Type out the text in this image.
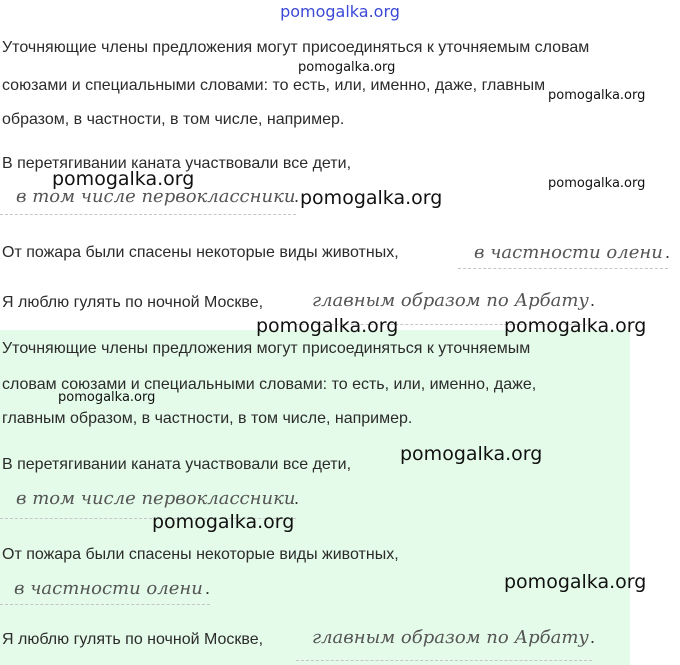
pomogalka.org
Уточняющие члены предложения могут присоединяться к уточняемым словам
союзами и специальными словами: то есть, или, именно, даже, главным
образом, в частности, в том числе, например.
В перетягивании каната участвовали все дети,
в том числе первоклассники
.
От пожара были спасены некоторые виды животных,	в частности олени .
Я люблю гулять по ночной Москве,	главным образом по Арбату .
Уточняющие члены предложения могут присоединяться к уточняемым
словам союзами и специальными словами: то есть, или, именно, даже,
главным образом, в частности, в том числе, например.
В перетягивании каната участвовали все дети,
в том числе первоклассники
.
От пожара были спасены некоторые виды животных,
в частности олени .
Я люблю гулять по ночной Москве,	главным образом по Арбату .
pomogalka.org
pomogalka.org
pomogalka.org	pomogalka.org
pomogalka.org
pomogalka.org	pomogalka.org
pomogalka.org
pomogalka.org
pomogalka.org
pomogalka.org
